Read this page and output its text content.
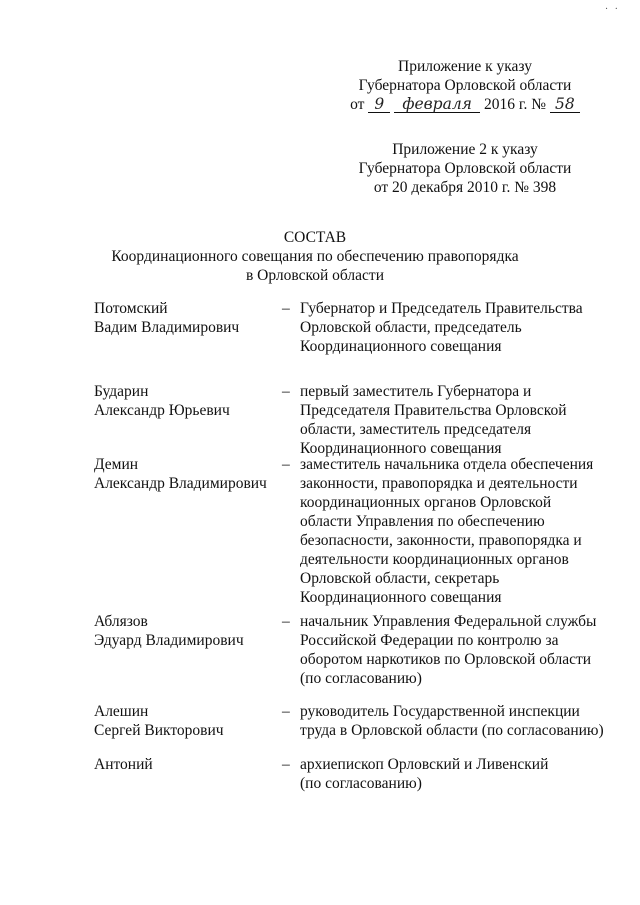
· ·
Приложение к указу
Губернатора Орловской области
от 9 февраля 2016 г. № 58
Приложение 2 к указу
Губернатора Орловской области
от 20 декабря 2010 г. № 398
СОСТАВ
Координационного совещания по обеспечению правопорядка
в Орловской области
Потомский
Вадим Владимирович
– Губернатор и Председатель Правительства
Орловской области, председатель
Координационного совещания
Бударин
Александр Юрьевич
– первый заместитель Губернатора и
Председателя Правительства Орловской
области, заместитель председателя
Координационного совещания
Демин
Александр Владимирович
– заместитель начальника отдела обеспечения
законности, правопорядка и деятельности
координационных органов Орловской
области Управления по обеспечению
безопасности, законности, правопорядка и
деятельности координационных органов
Орловской области, секретарь
Координационного совещания
Аблязов
Эдуард Владимирович
– начальник Управления Федеральной службы
Российской Федерации по контролю за
оборотом наркотиков по Орловской области
(по согласованию)
Алешин
Сергей Викторович
– руководитель Государственной инспекции
труда в Орловской области (по согласованию)
Антоний	– архиепископ Орловский и Ливенский
(по согласованию)
